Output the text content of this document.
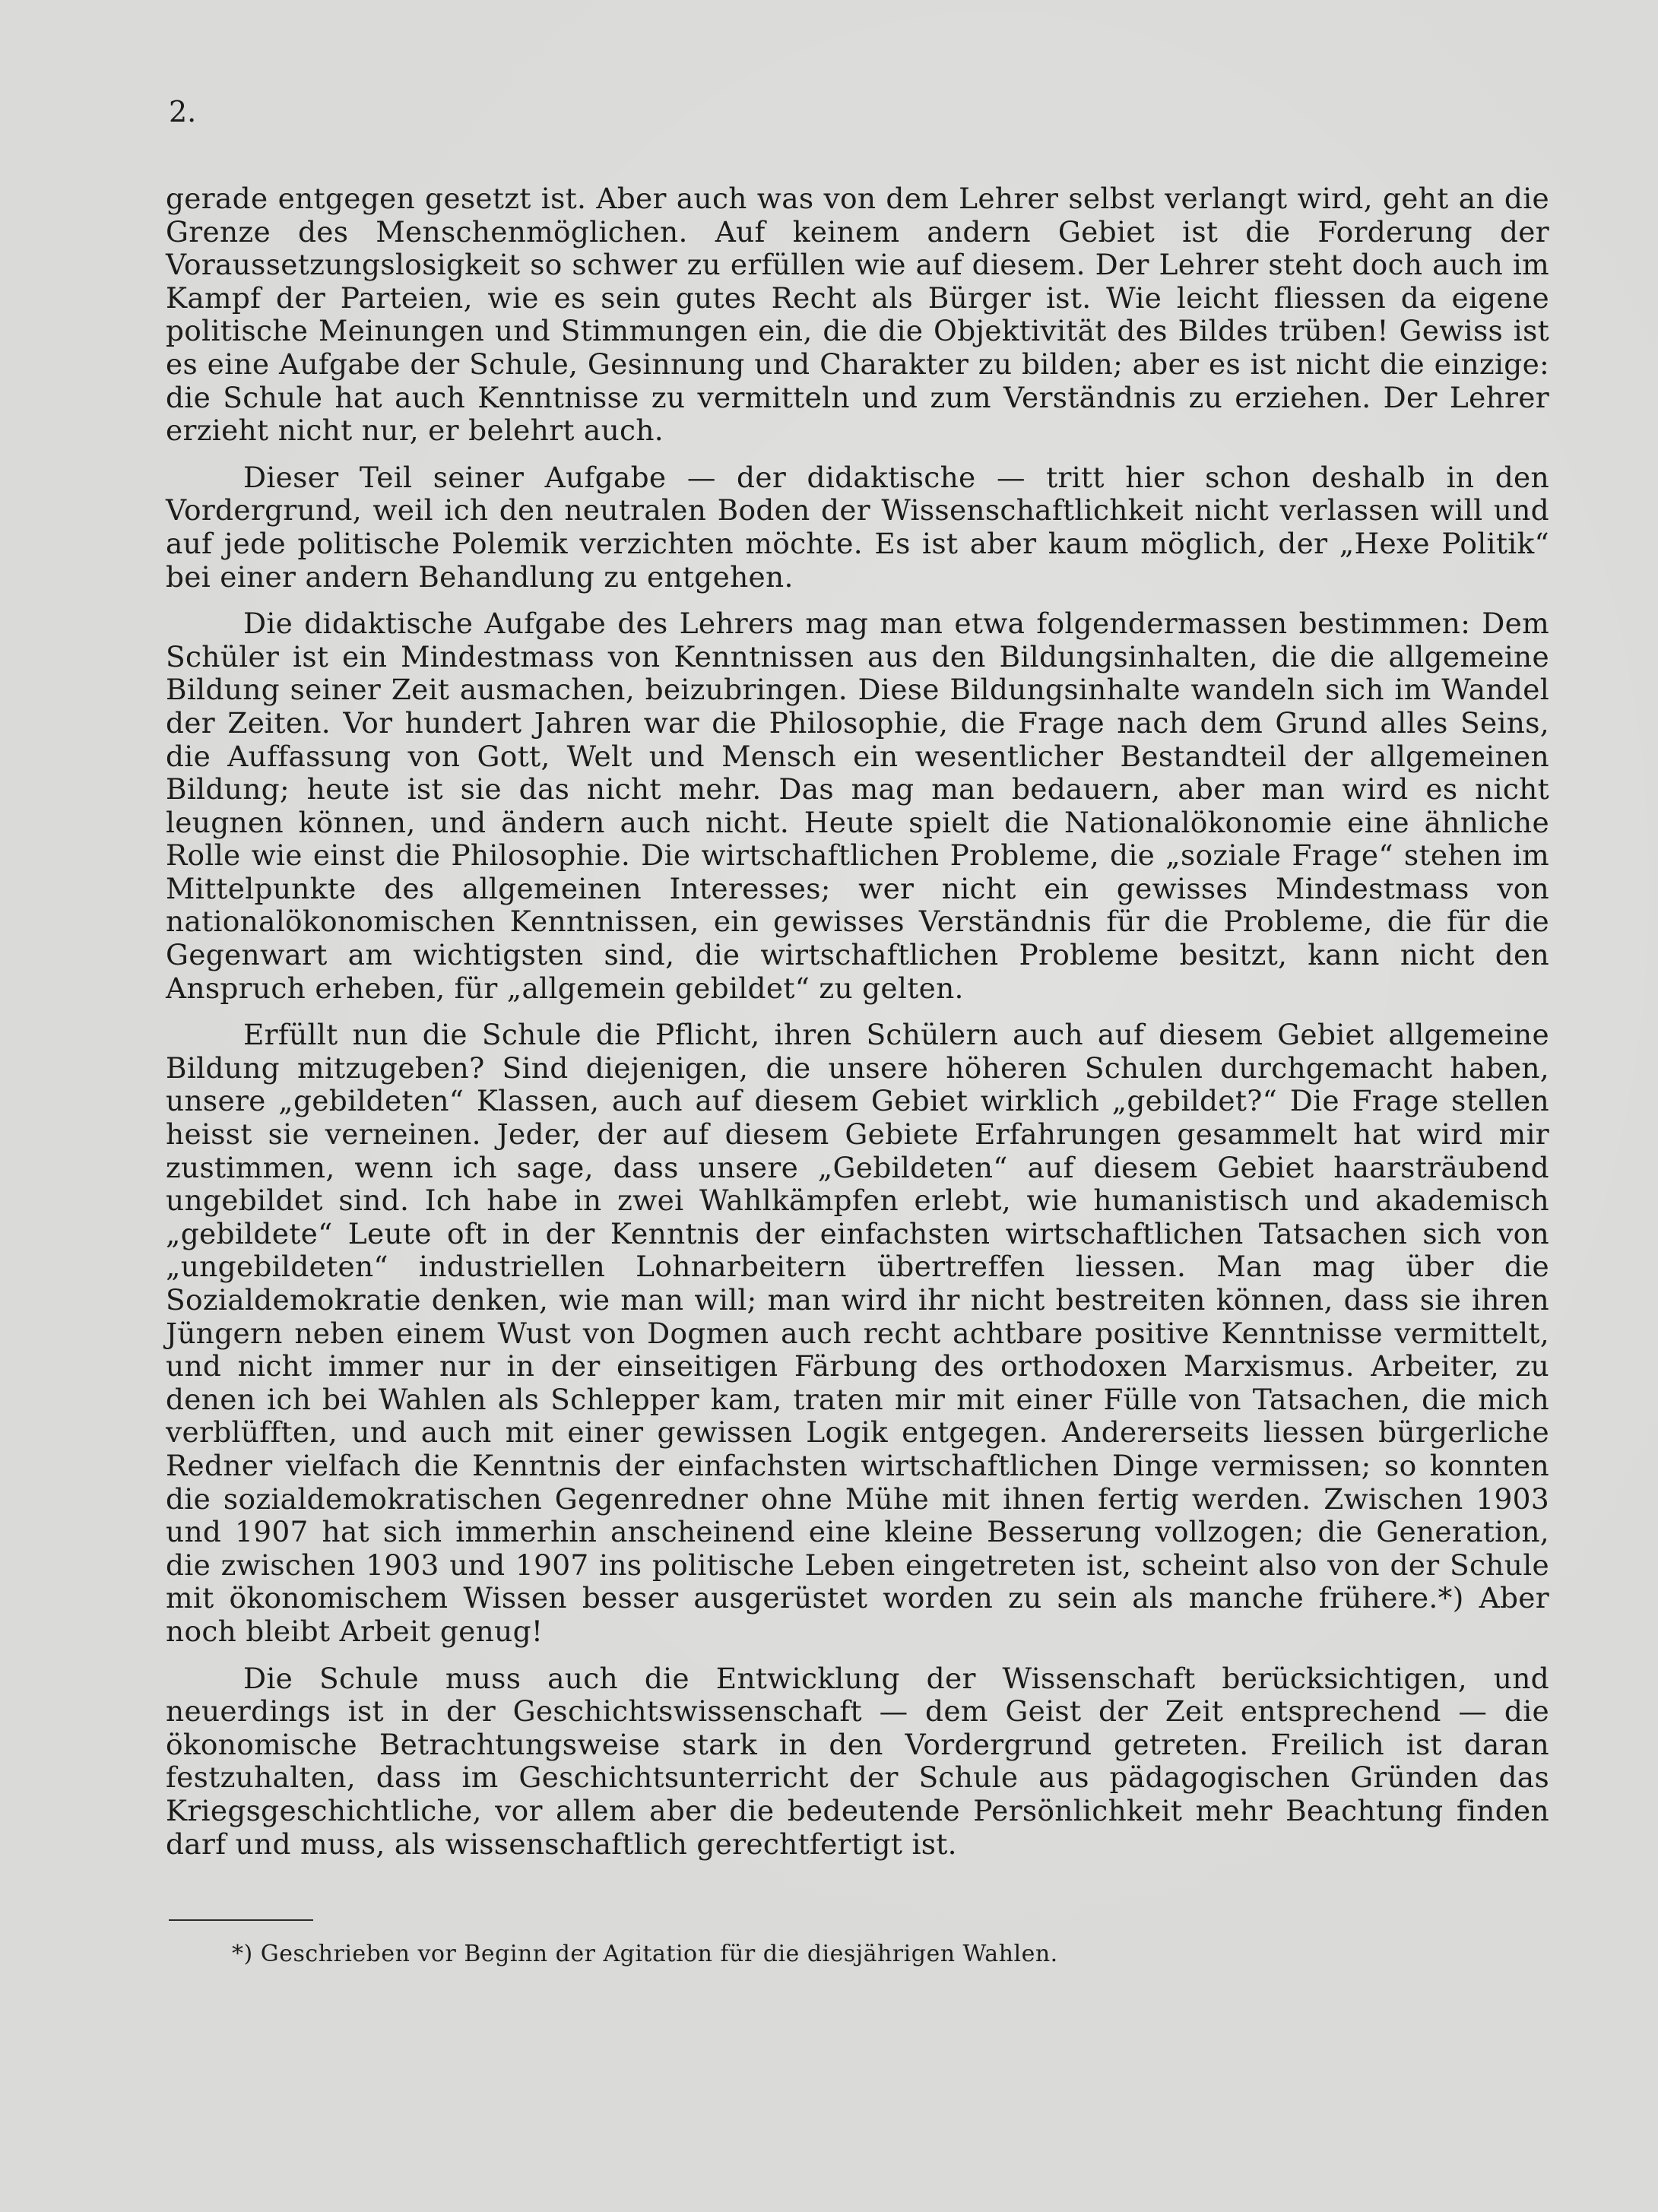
2.

gerade entgegen gesetzt ist. Aber auch was von dem Lehrer selbst verlangt wird, geht an die Grenze des Menschenmöglichen. Auf keinem andern Gebiet ist die Forderung der Voraussetzungslosigkeit so schwer zu erfüllen wie auf diesem. Der Lehrer steht doch auch im Kampf der Parteien, wie es sein gutes Recht als Bürger ist. Wie leicht fliessen da eigene politische Meinungen und Stimmungen ein, die die Objektivität des Bildes trüben! Gewiss ist es eine Aufgabe der Schule, Gesinnung und Charakter zu bilden; aber es ist nicht die einzige: die Schule hat auch Kenntnisse zu vermitteln und zum Verständnis zu erziehen. Der Lehrer erzieht nicht nur, er belehrt auch.

Dieser Teil seiner Aufgabe — der didaktische — tritt hier schon deshalb in den Vordergrund, weil ich den neutralen Boden der Wissenschaftlichkeit nicht verlassen will und auf jede politische Polemik verzichten möchte. Es ist aber kaum möglich, der „Hexe Politik“ bei einer andern Behandlung zu entgehen.

Die didaktische Aufgabe des Lehrers mag man etwa folgendermassen bestimmen: Dem Schüler ist ein Mindestmass von Kenntnissen aus den Bildungsinhalten, die die allgemeine Bildung seiner Zeit ausmachen, beizubringen. Diese Bildungsinhalte wandeln sich im Wandel der Zeiten. Vor hundert Jahren war die Philosophie, die Frage nach dem Grund alles Seins, die Auffassung von Gott, Welt und Mensch ein wesentlicher Bestandteil der allgemeinen Bildung; heute ist sie das nicht mehr. Das mag man bedauern, aber man wird es nicht leugnen können, und ändern auch nicht. Heute spielt die Nationalökonomie eine ähnliche Rolle wie einst die Philosophie. Die wirtschaftlichen Probleme, die „soziale Frage“ stehen im Mittelpunkte des allgemeinen Interesses; wer nicht ein gewisses Mindestmass von nationalökonomischen Kenntnissen, ein gewisses Verständnis für die Probleme, die für die Gegenwart am wichtigsten sind, die wirtschaftlichen Probleme besitzt, kann nicht den Anspruch erheben, für „allgemein gebildet“ zu gelten.

Erfüllt nun die Schule die Pflicht, ihren Schülern auch auf diesem Gebiet allgemeine Bildung mitzugeben? Sind diejenigen, die unsere höheren Schulen durchgemacht haben, unsere „gebildeten“ Klassen, auch auf diesem Gebiet wirklich „gebildet?“ Die Frage stellen heisst sie verneinen. Jeder, der auf diesem Gebiete Erfahrungen gesammelt hat wird mir zustimmen, wenn ich sage, dass unsere „Gebildeten“ auf diesem Gebiet haarsträubend ungebildet sind. Ich habe in zwei Wahlkämpfen erlebt, wie humanistisch und akademisch „gebildete“ Leute oft in der Kenntnis der einfachsten wirtschaftlichen Tatsachen sich von „ungebildeten“ industriellen Lohnarbeitern übertreffen liessen. Man mag über die Sozialdemokratie denken, wie man will; man wird ihr nicht bestreiten können, dass sie ihren Jüngern neben einem Wust von Dogmen auch recht achtbare positive Kenntnisse vermittelt, und nicht immer nur in der einseitigen Färbung des orthodoxen Marxismus. Arbeiter, zu denen ich bei Wahlen als Schlepper kam, traten mir mit einer Fülle von Tatsachen, die mich verblüfften, und auch mit einer gewissen Logik entgegen. Andererseits liessen bürgerliche Redner vielfach die Kenntnis der einfachsten wirtschaftlichen Dinge vermissen; so konnten die sozialdemokratischen Gegenredner ohne Mühe mit ihnen fertig werden. Zwischen 1903 und 1907 hat sich immerhin anscheinend eine kleine Besserung vollzogen; die Generation, die zwischen 1903 und 1907 ins politische Leben eingetreten ist, scheint also von der Schule mit ökonomischem Wissen besser ausgerüstet worden zu sein als manche frühere.*) Aber noch bleibt Arbeit genug!

Die Schule muss auch die Entwicklung der Wissenschaft berücksichtigen, und neuerdings ist in der Geschichtswissenschaft — dem Geist der Zeit entsprechend — die ökonomische Betrachtungsweise stark in den Vordergrund getreten. Freilich ist daran festzuhalten, dass im Geschichtsunterricht der Schule aus pädagogischen Gründen das Kriegsgeschichtliche, vor allem aber die bedeutende Persönlichkeit mehr Beachtung finden darf und muss, als wissenschaftlich gerechtfertigt ist.

*) Geschrieben vor Beginn der Agitation für die diesjährigen Wahlen.
